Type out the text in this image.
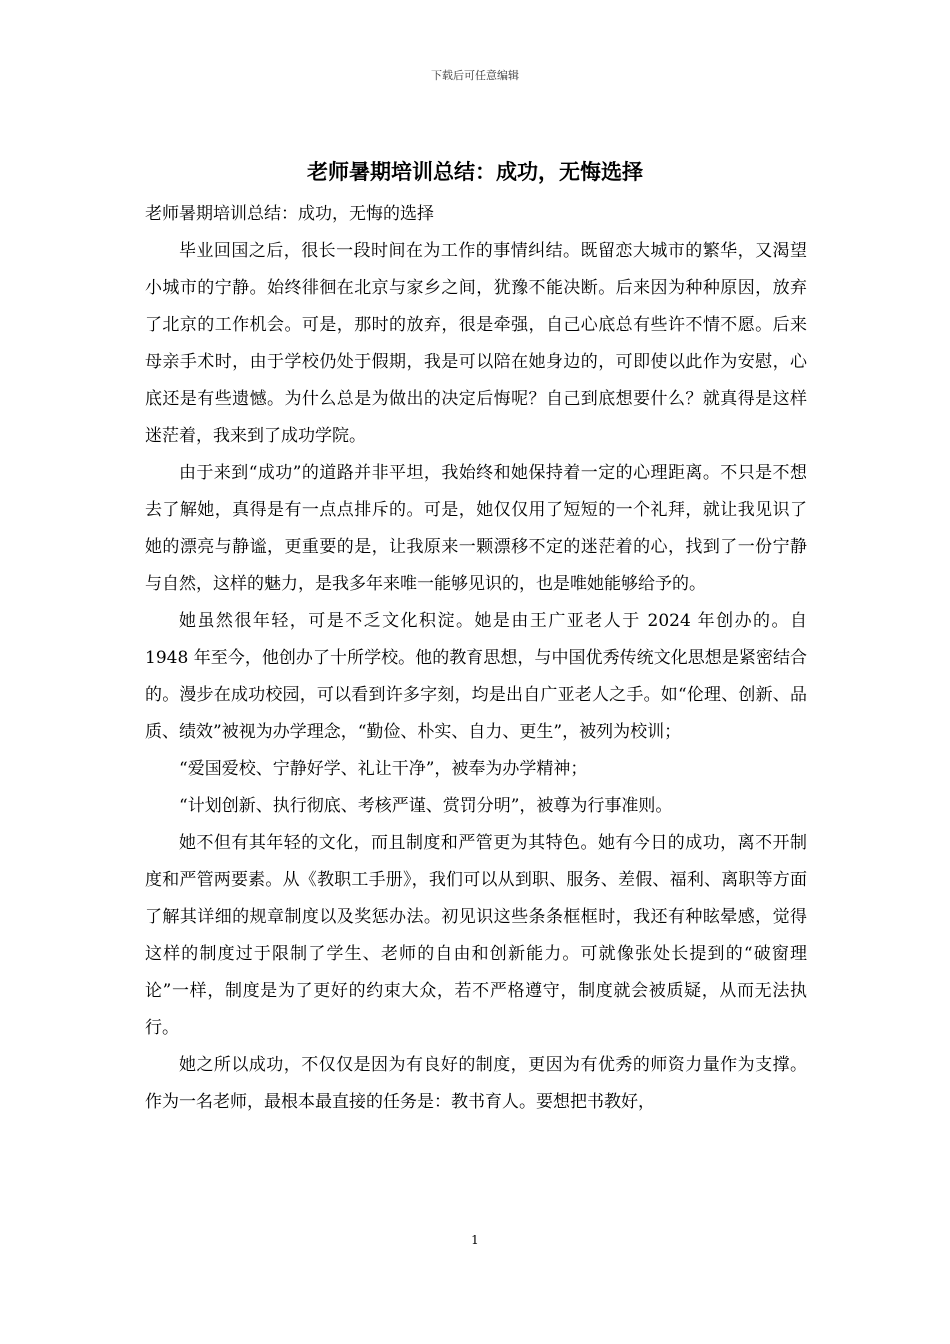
下载后可任意编辑
老师暑期培训总结：成功，无悔选择

老师暑期培训总结：成功，无悔的选择

毕业回国之后，很长一段时间在为工作的事情纠结。既留恋大城市的繁华，又渴望小城市的宁静。始终徘徊在北京与家乡之间，犹豫不能决断。后来因为种种原因，放弃了北京的工作机会。可是，那时的放弃，很是牵强，自己心底总有些许不情不愿。后来母亲手术时，由于学校仍处于假期，我是可以陪在她身边的，可即使以此作为安慰，心底还是有些遗憾。为什么总是为做出的决定后悔呢？自己到底想要什么？就真得是这样迷茫着，我来到了成功学院。

由于来到“成功”的道路并非平坦，我始终和她保持着一定的心理距离。不只是不想去了解她，真得是有一点点排斥的。可是，她仅仅用了短短的一个礼拜，就让我见识了她的漂亮与静谧，更重要的是，让我原来一颗漂移不定的迷茫着的心，找到了一份宁静与自然，这样的魅力，是我多年来唯一能够见识的，也是唯她能够给予的。

她虽然很年轻，可是不乏文化积淀。她是由王广亚老人于 2024 年创办的。自 1948 年至今，他创办了十所学校。他的教育思想，与中国优秀传统文化思想是紧密结合的。漫步在成功校园，可以看到许多字刻，均是出自广亚老人之手。如“伦理、创新、品质、绩效”被视为办学理念，“勤俭、朴实、自力、更生”，被列为校训；

“爱国爱校、宁静好学、礼让干净”，被奉为办学精神；

“计划创新、执行彻底、考核严谨、赏罚分明”，被尊为行事准则。

她不但有其年轻的文化，而且制度和严管更为其特色。她有今日的成功，离不开制度和严管两要素。从《教职工手册》，我们可以从到职、服务、差假、福利、离职等方面了解其详细的规章制度以及奖惩办法。初见识这些条条框框时，我还有种眩晕感，觉得这样的制度过于限制了学生、老师的自由和创新能力。可就像张处长提到的“破窗理论”一样，制度是为了更好的约束大众，若不严格遵守，制度就会被质疑，从而无法执行。

她之所以成功，不仅仅是因为有良好的制度，更因为有优秀的师资力量作为支撑。作为一名老师，最根本最直接的任务是：教书育人。要想把书教好，

1
